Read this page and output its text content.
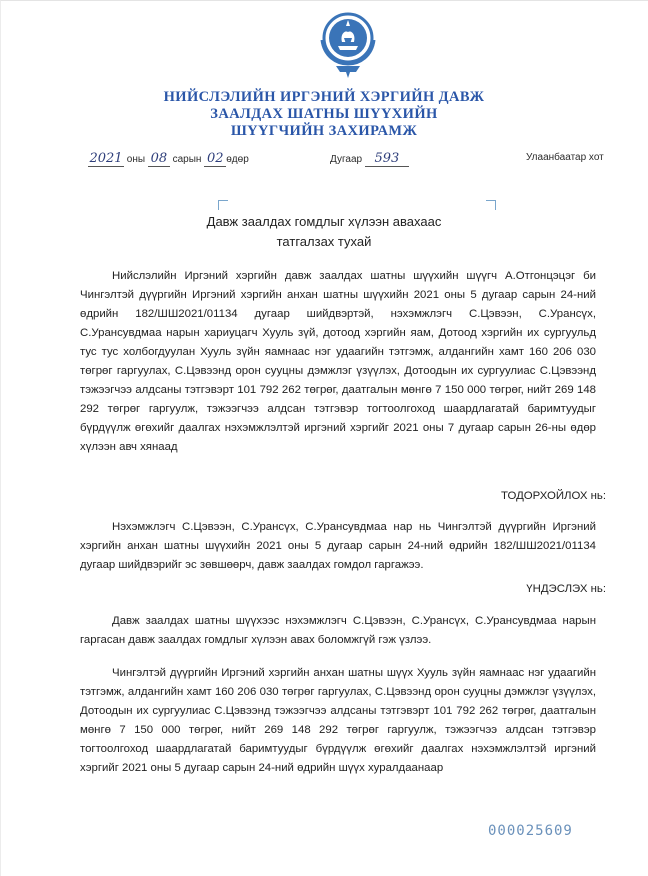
НИЙСЛЭЛИЙН ИРГЭНИЙ ХЭРГИЙН ДАВЖ
ЗААЛДАХ ШАТНЫ ШҮҮХИЙН
ШҮҮГЧИЙН ЗАХИРАМЖ
2021 оны 08 сарын 02 өдөр	Дугаар 593	Улаанбаатар хот
Давж заалдах гомдлыг хүлээн авахаас
татгалзах тухай

Нийслэлийн Иргэний хэргийн давж заалдах шатны шүүхийн шүүгч А.Отгонцэцэг би Чингэлтэй дүүргийн Иргэний хэргийн анхан шатны шүүхийн 2021 оны 5 дугаар сарын 24-ний өдрийн 182/ШШ2021/01134 дугаар шийдвэртэй, нэхэмжлэгч С.Цэвээн, С.Урансүх, С.Урансувдмаа нарын хариуцагч Хууль зүй, дотоод хэргийн яам, Дотоод хэргийн их сургуульд тус тус холбогдуулан Хууль зүйн яамнаас нэг удаагийн тэтгэмж, алдангийн хамт 160 206 030 төгрөг гаргуулах, С.Цэвээнд орон сууцны дэмжлэг үзүүлэх, Дотоодын их сургуулиас С.Цэвээнд тэжээгчээ алдсаны тэтгэвэрт 101 792 262 төгрөг, даатгалын мөнгө 7 150 000 төгрөг, нийт 269 148 292 төгрөг гаргуулж, тэжээгчээ алдсан тэтгэвэр тогтоолгоход шаардлагатай баримтуудыг бүрдүүлж өгөхийг даалгах нэхэмжлэлтэй иргэний хэргийг 2021 оны 7 дугаар сарын 26-ны өдөр хүлээн авч хянаад

ТОДОРХОЙЛОХ нь:

Нэхэмжлэгч С.Цэвээн, С.Урансүх, С.Урансувдмаа нар нь Чингэлтэй дүүргийн Иргэний хэргийн анхан шатны шүүхийн 2021 оны 5 дугаар сарын 24-ний өдрийн 182/ШШ2021/01134 дугаар шийдвэрийг эс зөвшөөрч, давж заалдах гомдол гаргажээ.

ҮНДЭСЛЭХ нь:

Давж заалдах шатны шүүхээс нэхэмжлэгч С.Цэвээн, С.Урансүх, С.Урансувдмаа нарын гаргасан давж заалдах гомдлыг хүлээн авах боломжгүй гэж үзлээ.

Чингэлтэй дүүргийн Иргэний хэргийн анхан шатны шүүх Хууль зүйн яамнаас нэг удаагийн тэтгэмж, алдангийн хамт 160 206 030 төгрөг гаргуулах, С.Цэвээнд орон сууцны дэмжлэг үзүүлэх, Дотоодын их сургуулиас С.Цэвээнд тэжээгчээ алдсаны тэтгэвэрт 101 792 262 төгрөг, даатгалын мөнгө 7 150 000 төгрөг, нийт 269 148 292 төгрөг гаргуулж, тэжээгчээ алдсан тэтгэвэр тогтоолгоход шаардлагатай баримтуудыг бүрдүүлж өгөхийг даалгах нэхэмжлэлтэй иргэний хэргийг 2021 оны 5 дугаар сарын 24-ний өдрийн шүүх хуралдаанаар

000025609
